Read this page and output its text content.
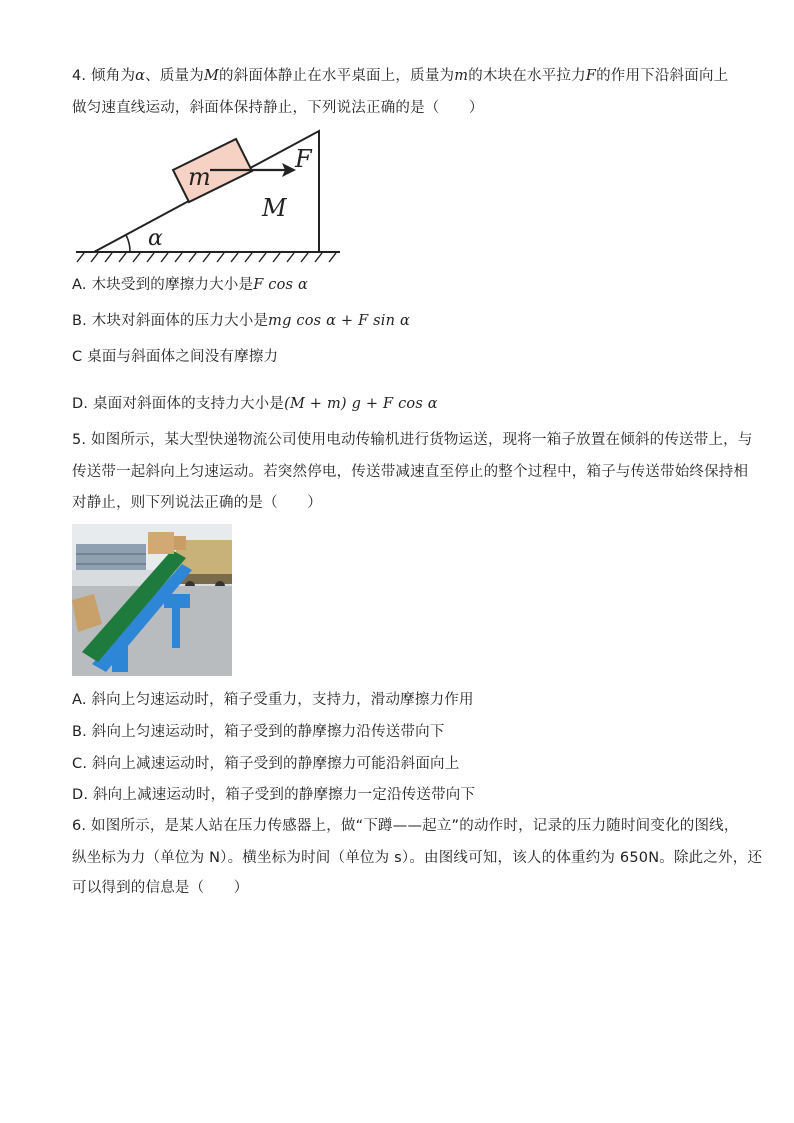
4. 倾角为α、质量为M的斜面体静止在水平桌面上，质量为m的木块在水平拉力F的作用下沿斜面向上
做匀速直线运动，斜面体保持静止，下列说法正确的是（　　）
m
F
M
α
A. 木块受到的摩擦力大小是F cos α
B. 木块对斜面体的压力大小是mg cos α + F sin α
C 桌面与斜面体之间没有摩擦力
D. 桌面对斜面体的支持力大小是(M + m) g + F cos α
5. 如图所示，某大型快递物流公司使用电动传输机进行货物运送，现将一箱子放置在倾斜的传送带上，与
传送带一起斜向上匀速运动。若突然停电，传送带减速直至停止的整个过程中，箱子与传送带始终保持相
对静止，则下列说法正确的是（　　）
A. 斜向上匀速运动时，箱子受重力，支持力，滑动摩擦力作用
B. 斜向上匀速运动时，箱子受到的静摩擦力沿传送带向下
C. 斜向上减速运动时，箱子受到的静摩擦力可能沿斜面向上
D. 斜向上减速运动时，箱子受到的静摩擦力一定沿传送带向下
6. 如图所示，是某人站在压力传感器上，做“下蹲——起立”的动作时，记录的压力随时间变化的图线，
纵坐标为力（单位为 N）。横坐标为时间（单位为 s）。由图线可知，该人的体重约为 650N。除此之外，还
可以得到的信息是（　　）
